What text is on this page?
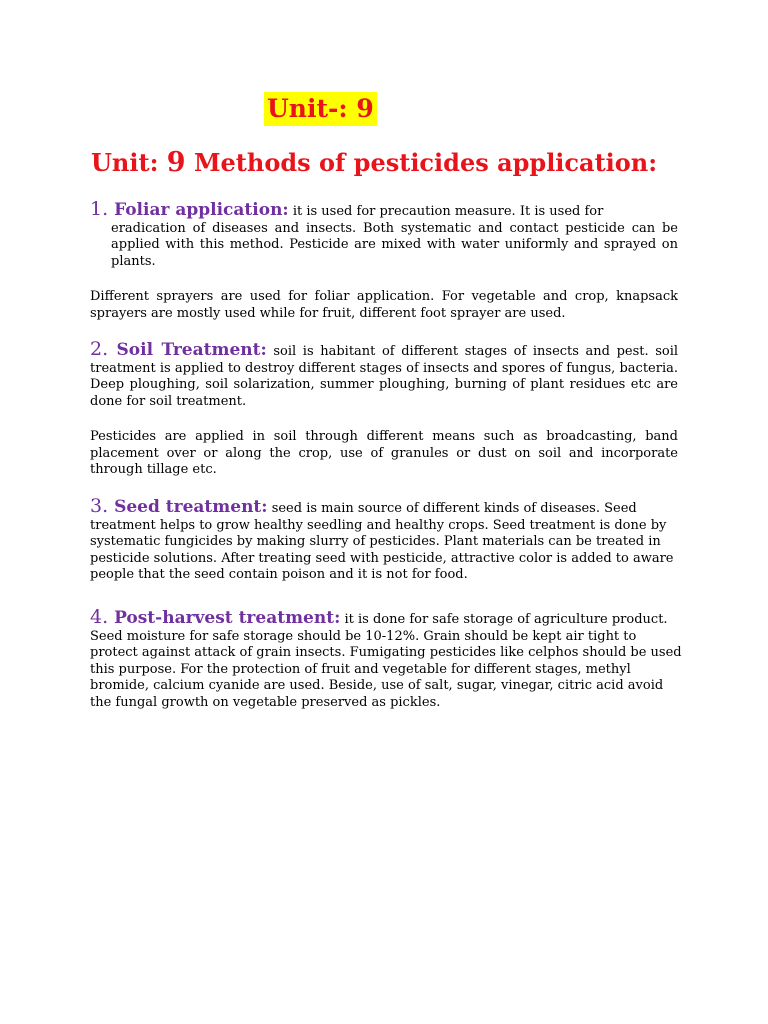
Unit-: 9
Unit: 9 Methods of pesticides application:

1. Foliar application: it is used for precaution measure. It is used for

eradication of diseases and insects. Both systematic and contact pesticide can be applied with this method. Pesticide are mixed with water uniformly and sprayed on plants.

Different sprayers are used for foliar application. For vegetable and crop, knapsack sprayers are mostly used while for fruit, different foot sprayer are used.

2. Soil Treatment: soil is habitant of different stages of insects and pest. soil treatment is applied to destroy different stages of insects and spores of fungus, bacteria. Deep ploughing, soil solarization, summer ploughing, burning of plant residues etc are done for soil treatment.

Pesticides are applied in soil through different means such as broadcasting, band placement over or along the crop, use of granules or dust on soil and incorporate through tillage etc.

3. Seed treatment: seed is main source of different kinds of diseases. Seed treatment helps to grow healthy seedling and healthy crops. Seed treatment is done by systematic fungicides by making slurry of pesticides. Plant materials can be treated in pesticide solutions. After treating seed with pesticide, attractive color is added to aware people that the seed contain poison and it is not for food.

4. Post-harvest treatment: it is done for safe storage of agriculture product. Seed moisture for safe storage should be 10-12%. Grain should be kept air tight to protect against attack of grain insects. Fumigating pesticides like celphos should be used this purpose. For the protection of fruit and vegetable for different stages, methyl bromide, calcium cyanide are used. Beside, use of salt, sugar, vinegar, citric acid avoid the fungal growth on vegetable preserved as pickles.
